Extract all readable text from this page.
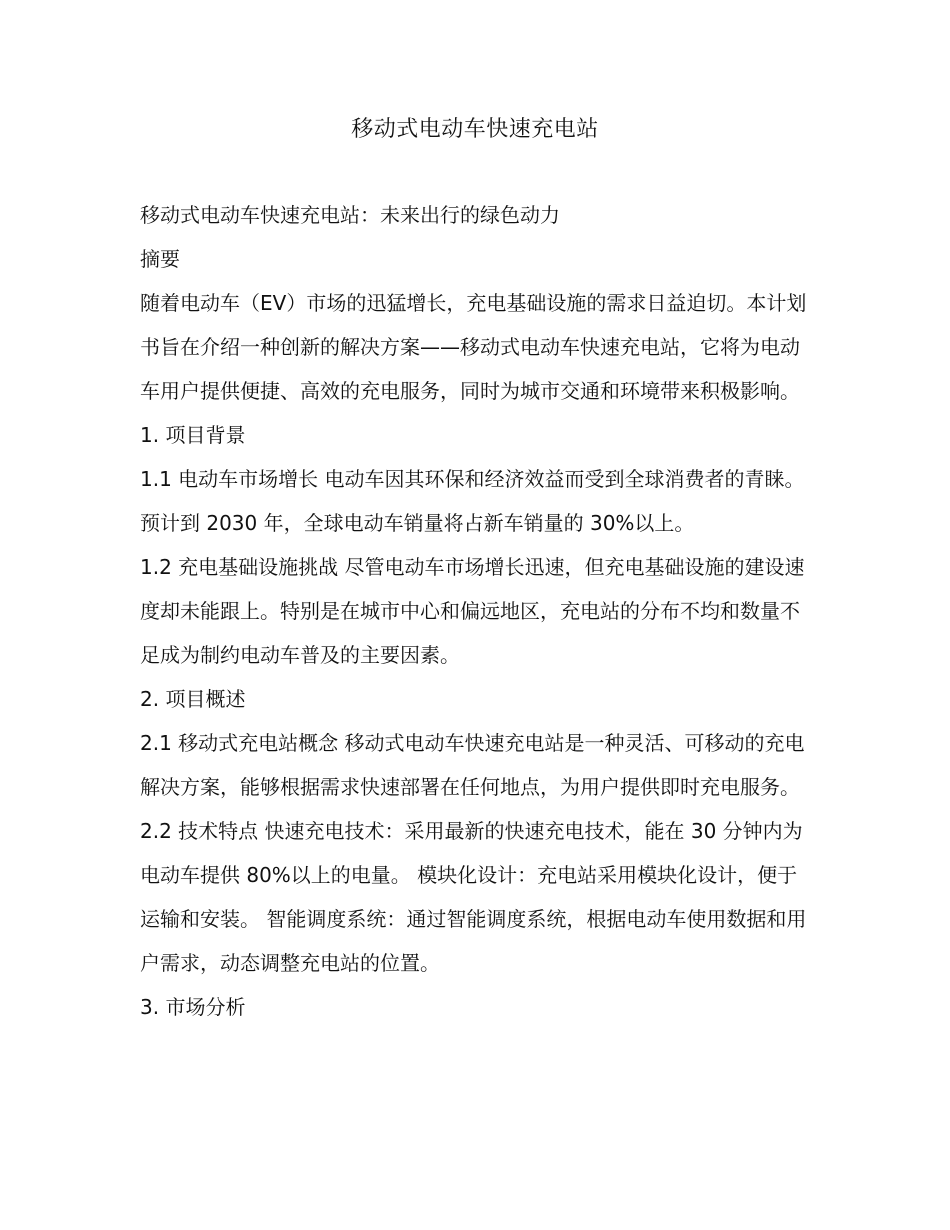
移动式电动车快速充电站

移动式电动车快速充电站：未来出行的绿色动力

摘要

随着电动车（EV）市场的迅猛增长，充电基础设施的需求日益迫切。本计划书旨在介绍一种创新的解决方案——移动式电动车快速充电站，它将为电动车用户提供便捷、高效的充电服务，同时为城市交通和环境带来积极影响。

1. 项目背景

1.1 电动车市场增长 电动车因其环保和经济效益而受到全球消费者的青睐。预计到 2030 年，全球电动车销量将占新车销量的 30%以上。

1.2 充电基础设施挑战 尽管电动车市场增长迅速，但充电基础设施的建设速度却未能跟上。特别是在城市中心和偏远地区，充电站的分布不均和数量不足成为制约电动车普及的主要因素。

2. 项目概述

2.1 移动式充电站概念 移动式电动车快速充电站是一种灵活、可移动的充电解决方案，能够根据需求快速部署在任何地点，为用户提供即时充电服务。

2.2 技术特点 快速充电技术：采用最新的快速充电技术，能在 30 分钟内为电动车提供 80%以上的电量。 模块化设计：充电站采用模块化设计，便于运输和安装。 智能调度系统：通过智能调度系统，根据电动车使用数据和用户需求，动态调整充电站的位置。

3. 市场分析
